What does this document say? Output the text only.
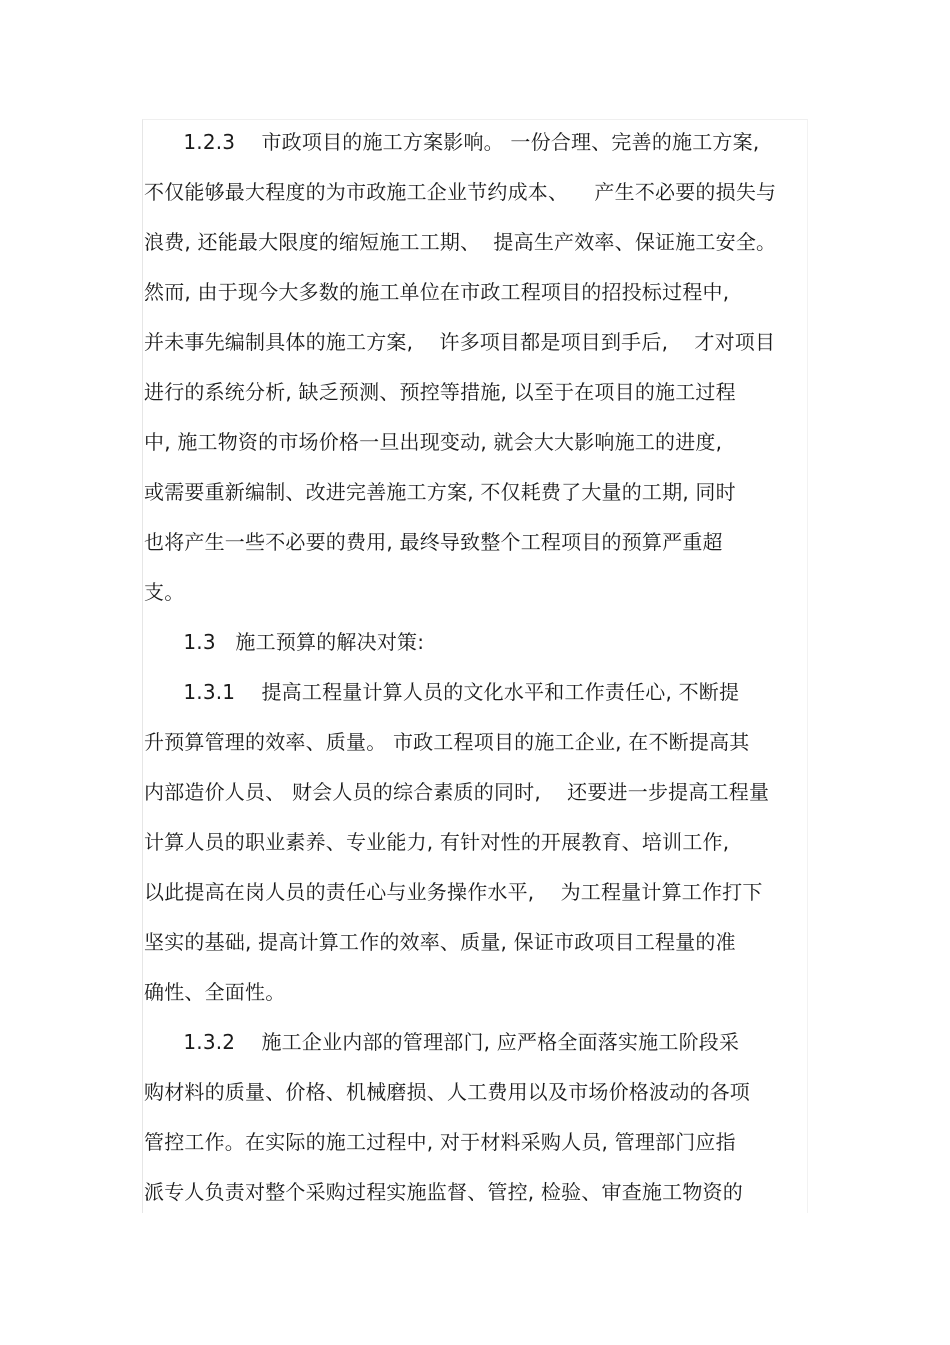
1.2.3    市政项目的施工方案影响。 一份合理、完善的施工方案,
不仅能够最大程度的为市政施工企业节约成本、    产生不必要的损失与
浪费, 还能最大限度的缩短施工工期、  提高生产效率、保证施工安全。
然而, 由于现今大多数的施工单位在市政工程项目的招投标过程中,
并未事先编制具体的施工方案,    许多项目都是项目到手后,    才对项目
进行的系统分析, 缺乏预测、预控等措施, 以至于在项目的施工过程
中, 施工物资的市场价格一旦出现变动, 就会大大影响施工的进度,
或需要重新编制、改进完善施工方案, 不仅耗费了大量的工期, 同时
也将产生一些不必要的费用, 最终导致整个工程项目的预算严重超
支。
1.3   施工预算的解决对策:
1.3.1    提高工程量计算人员的文化水平和工作责任心, 不断提
升预算管理的效率、质量。 市政工程项目的施工企业, 在不断提高其
内部造价人员、 财会人员的综合素质的同时,    还要进一步提高工程量
计算人员的职业素养、专业能力, 有针对性的开展教育、培训工作,
以此提高在岗人员的责任心与业务操作水平,    为工程量计算工作打下
坚实的基础, 提高计算工作的效率、质量, 保证市政项目工程量的准
确性、全面性。
1.3.2    施工企业内部的管理部门, 应严格全面落实施工阶段采
购材料的质量、价格、机械磨损、人工费用以及市场价格波动的各项
管控工作。在实际的施工过程中, 对于材料采购人员, 管理部门应指
派专人负责对整个采购过程实施监督、管控, 检验、审查施工物资的
